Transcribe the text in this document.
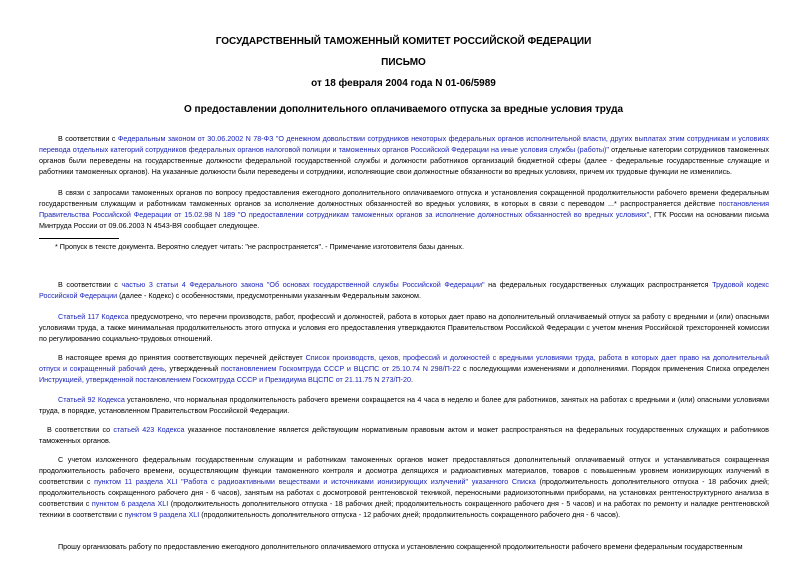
ГОСУДАРСТВЕННЫЙ ТАМОЖЕННЫЙ КОМИТЕТ РОССИЙСКОЙ ФЕДЕРАЦИИ
ПИСЬМО
от 18 февраля 2004 года N 01-06/5989
О предоставлении дополнительного оплачиваемого отпуска за вредные условия труда
В соответствии с Федеральным законом от 30.06.2002 N 78-ФЗ "О денежном довольствии сотрудников некоторых федеральных органов исполнительной власти, других выплатах этим сотрудникам и условиях перевода отдельных категорий сотрудников федеральных органов налоговой полиции и таможенных органов Российской Федерации на иные условия службы (работы)" отдельные категории сотрудников таможенных органов были переведены на государственные должности федеральной государственной службы и должности работников организаций бюджетной сферы (далее - федеральные государственные служащие и работники таможенных органов). На указанные должности были переведены и сотрудники, исполняющие свои должностные обязанности во вредных условиях, причем их трудовые функции не изменились.
В связи с запросами таможенных органов по вопросу предоставления ежегодного дополнительного оплачиваемого отпуска и установления сокращенной продолжительности рабочего времени федеральным государственным служащим и работникам таможенных органов за исполнение должностных обязанностей во вредных условиях, в которых в связи с переводом ...* распространяется действие постановления Правительства Российской Федерации от 15.02.98 N 189 "О предоставлении сотрудникам таможенных органов за исполнение должностных обязанностей во вредных условиях", ГТК России на основании письма Минтруда России от 09.06.2003 N 4543-ВЯ сообщает следующее.
* Пропуск в тексте документа. Вероятно следует читать: "не распространяется". - Примечание изготовителя базы данных.
В соответствии с частью 3 статьи 4 Федерального закона "Об основах государственной службы Российской Федерации" на федеральных государственных служащих распространяется Трудовой кодекс Российской Федерации (далее - Кодекс) с особенностями, предусмотренными указанным Федеральным законом.
Статьей 117 Кодекса предусмотрено, что перечни производств, работ, профессий и должностей, работа в которых дает право на дополнительный оплачиваемый отпуск за работу с вредными и (или) опасными условиями труда, а также минимальная продолжительность этого отпуска и условия его предоставления утверждаются Правительством Российской Федерации с учетом мнения Российской трехсторонней комиссии по регулированию социально-трудовых отношений.
В настоящее время до принятия соответствующих перечней действует Список производств, цехов, профессий и должностей с вредными условиями труда, работа в которых дает право на дополнительный отпуск и сокращенный рабочий день, утвержденный постановлением Госкомтруда СССР и ВЦСПС от 25.10.74 N 298/П-22 с последующими изменениями и дополнениями. Порядок применения Списка определен Инструкцией, утвержденной постановлением Госкомтруда СССР и Президиума ВЦСПС от 21.11.75 N 273/П-20.
Статьей 92 Кодекса установлено, что нормальная продолжительность рабочего времени сокращается на 4 часа в неделю и более для работников, занятых на работах с вредными и (или) опасными условиями труда, в порядке, установленном Правительством Российской Федерации.
В соответствии со статьей 423 Кодекса указанное постановление является действующим нормативным правовым актом и может распространяться на федеральных государственных служащих и работников таможенных органов.
С учетом изложенного федеральным государственным служащим и работникам таможенных органов может предоставляться дополнительный оплачиваемый отпуск и устанавливаться сокращенная продолжительность рабочего времени, осуществляющим функции таможенного контроля и досмотра делящихся и радиоактивных материалов, товаров с повышенным уровнем ионизирующих излучений в соответствии с пунктом 11 раздела XLI "Работа с радиоактивными веществами и источниками ионизирующих излучений" указанного Списка (продолжительность дополнительного отпуска - 18 рабочих дней; продолжительность сокращенного рабочего дня - 6 часов), занятым на работах с досмотровой рентгеновской техникой, переносными радиоизотопными приборами, на установках рентгеноструктурного анализа в соответствии с пунктом 6 раздела XLI (продолжительность дополнительного отпуска - 18 рабочих дней; продолжительность сокращенного рабочего дня - 5 часов) и на работах по ремонту и наладке рентгеновской техники в соответствии с пунктом 9 раздела XLI (продолжительность дополнительного отпуска - 12 рабочих дней; продолжительность сокращенного рабочего дня - 6 часов).
Прошу организовать работу по предоставлению ежегодного дополнительного оплачиваемого отпуска и установлению сокращенной продолжительности рабочего времени федеральным государственным
